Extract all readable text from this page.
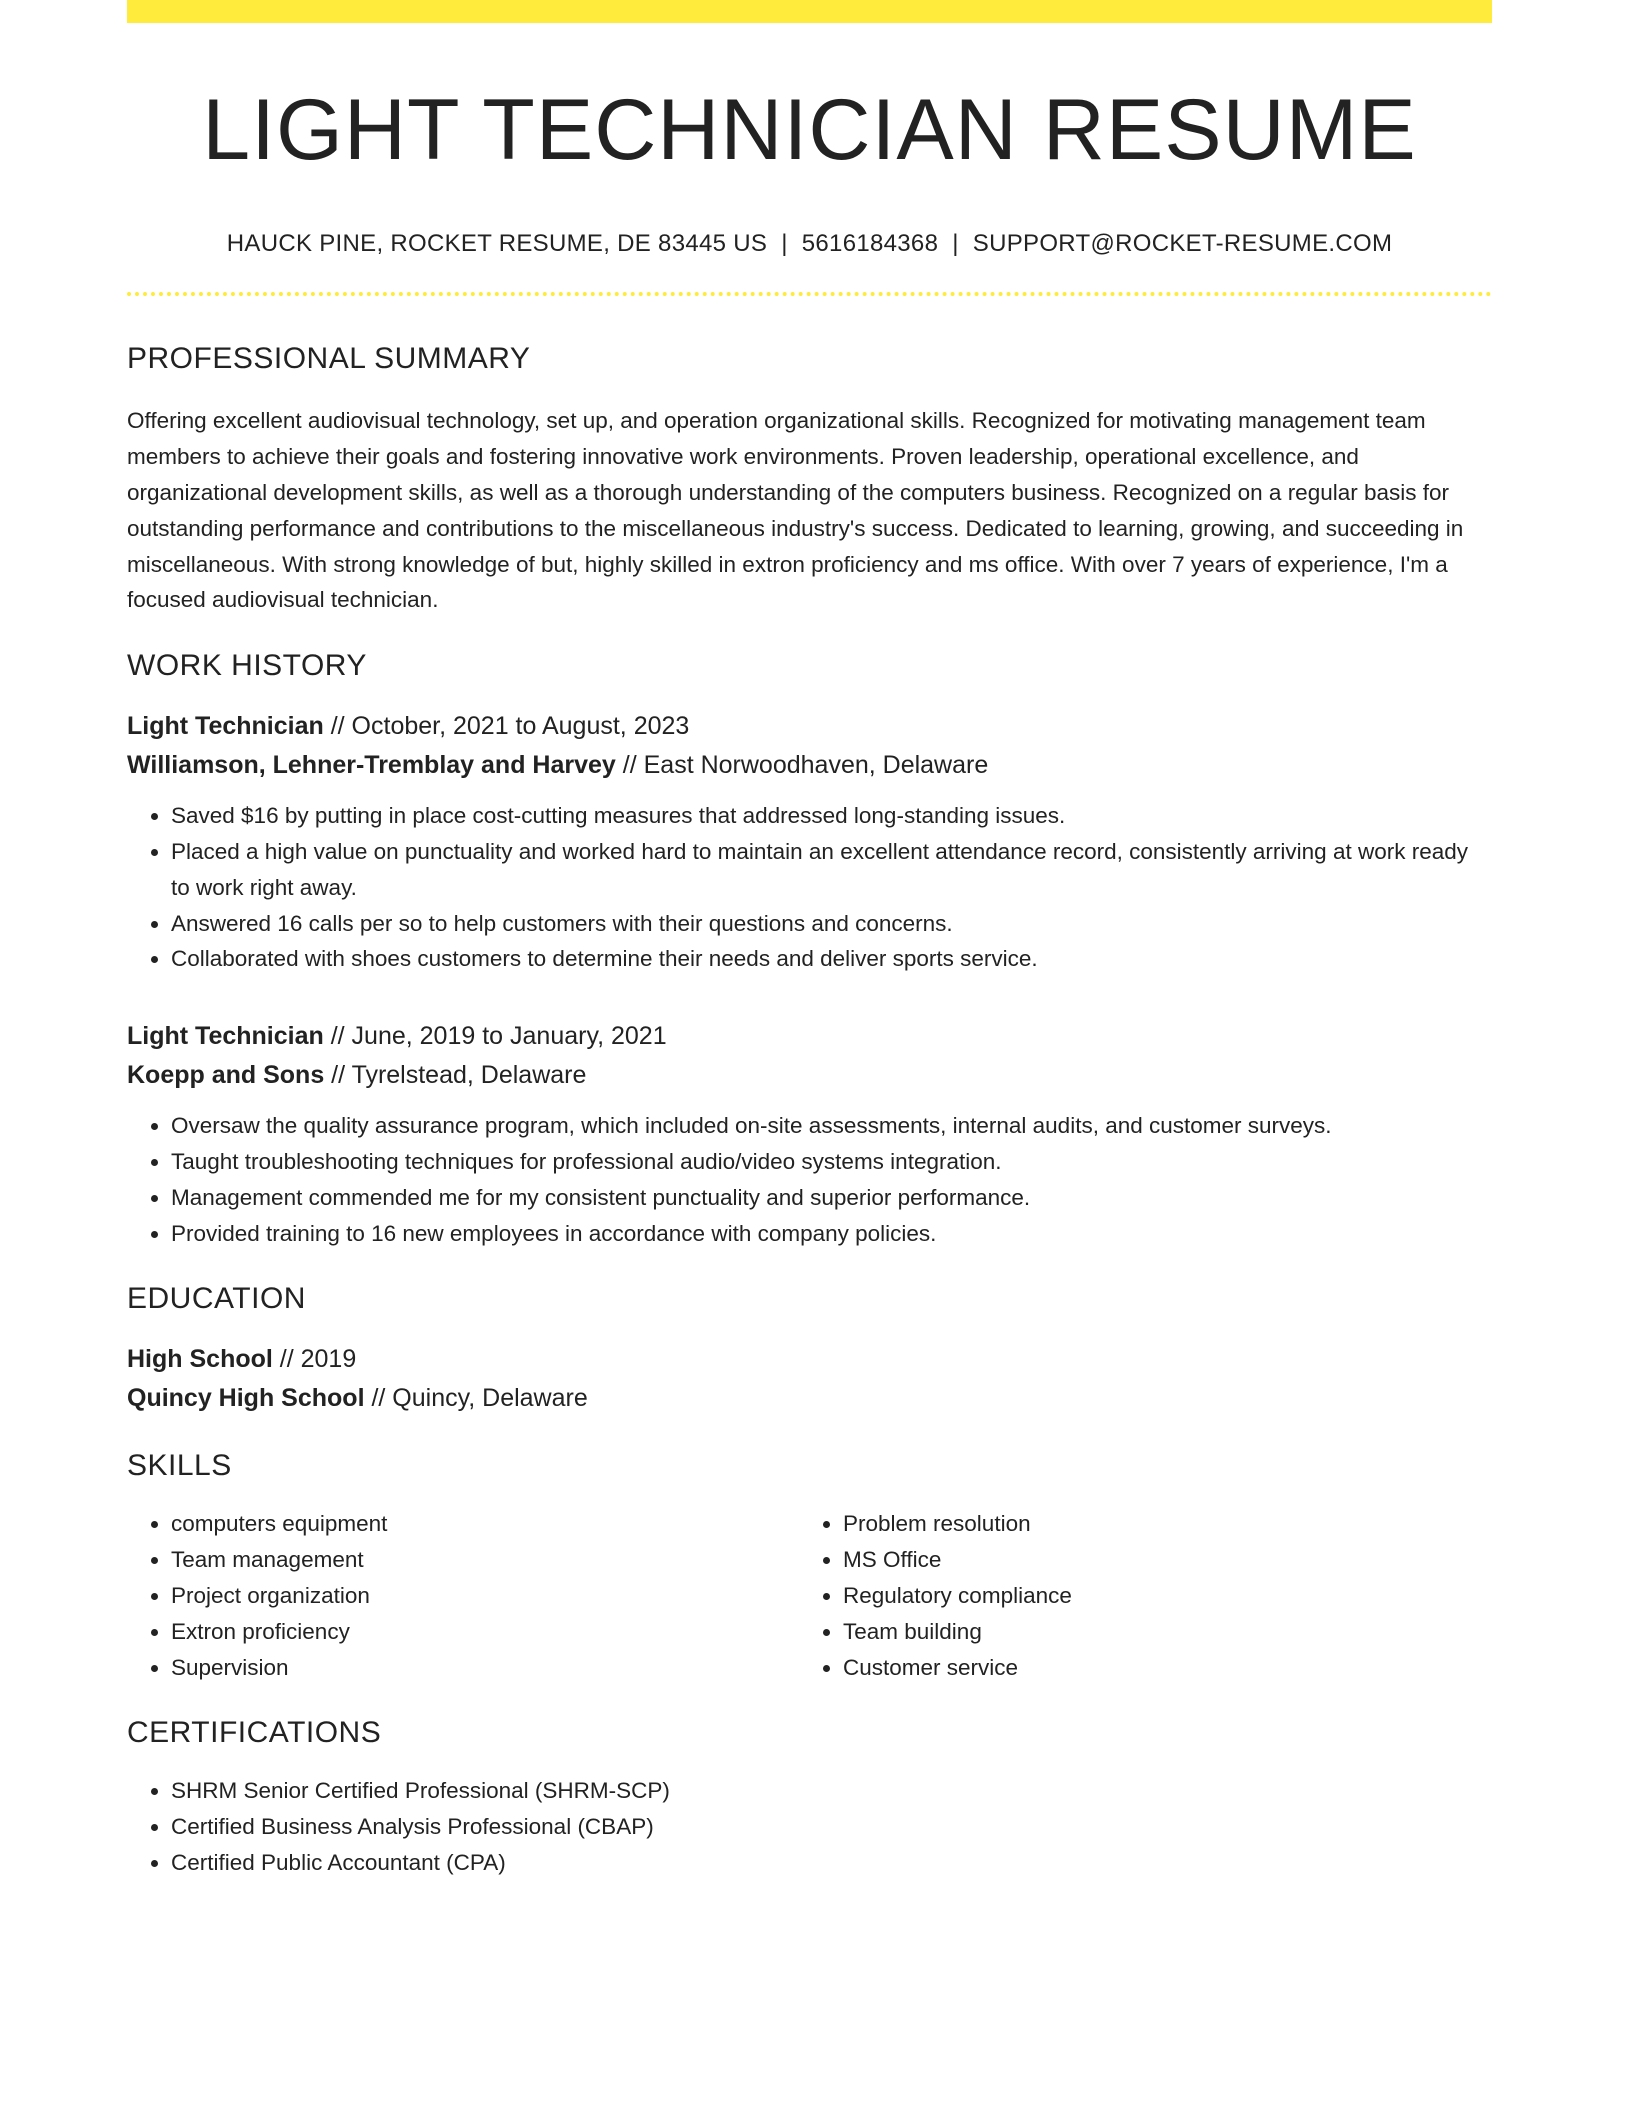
LIGHT TECHNICIAN RESUME
HAUCK PINE, ROCKET RESUME, DE 83445 US | 5616184368 | SUPPORT@ROCKET-RESUME.COM
PROFESSIONAL SUMMARY

Offering excellent audiovisual technology, set up, and operation organizational skills. Recognized for motivating management team members to achieve their goals and fostering innovative work environments. Proven leadership, operational excellence, and organizational development skills, as well as a thorough understanding of the computers business. Recognized on a regular basis for outstanding performance and contributions to the miscellaneous industry's success. Dedicated to learning, growing, and succeeding in miscellaneous. With strong knowledge of but, highly skilled in extron proficiency and ms office. With over 7 years of experience, I'm a focused audiovisual technician.

WORK HISTORY
Light Technician // October, 2021 to August, 2023
Williamson, Lehner-Tremblay and Harvey // East Norwoodhaven, Delaware
• Saved $16 by putting in place cost-cutting measures that addressed long-standing issues.
• Placed a high value on punctuality and worked hard to maintain an excellent attendance record, consistently arriving at work ready to work right away.
• Answered 16 calls per so to help customers with their questions and concerns.
• Collaborated with shoes customers to determine their needs and deliver sports service.
Light Technician // June, 2019 to January, 2021
Koepp and Sons // Tyrelstead, Delaware
• Oversaw the quality assurance program, which included on-site assessments, internal audits, and customer surveys.
• Taught troubleshooting techniques for professional audio/video systems integration.
• Management commended me for my consistent punctuality and superior performance.
• Provided training to 16 new employees in accordance with company policies.
EDUCATION
High School // 2019
Quincy High School // Quincy, Delaware
SKILLS
• computers equipment
• Team management
• Project organization
• Extron proficiency
• Supervision
• Problem resolution
• MS Office
• Regulatory compliance
• Team building
• Customer service
CERTIFICATIONS
• SHRM Senior Certified Professional (SHRM-SCP)
• Certified Business Analysis Professional (CBAP)
• Certified Public Accountant (CPA)
